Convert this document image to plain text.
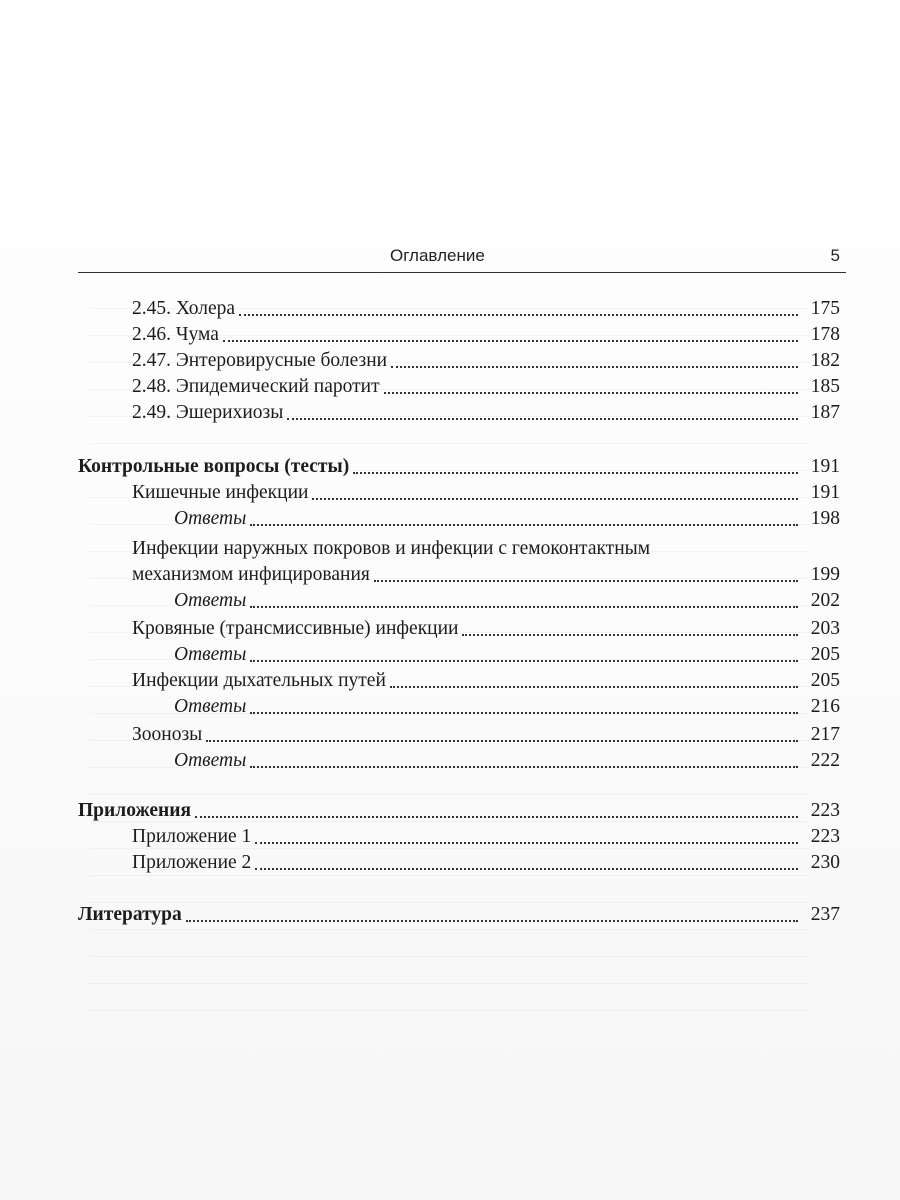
Оглавление	5
2.45. Холера	175
2.46. Чума	178
2.47. Энтеровирусные болезни	182
2.48. Эпидемический паротит	185
2.49. Эшерихиозы	187
Контрольные вопросы (тесты)	191
Кишечные инфекции	191
Ответы	198
Инфекции наружных покровов и инфекции с гемоконтактным
механизмом инфицирования	199
Ответы	202
Кровяные (трансмиссивные) инфекции	203
Ответы	205
Инфекции дыхательных путей	205
Ответы	216
Зоонозы	217
Ответы	222
Приложения	223
Приложение 1	223
Приложение 2	230
Литература	237
